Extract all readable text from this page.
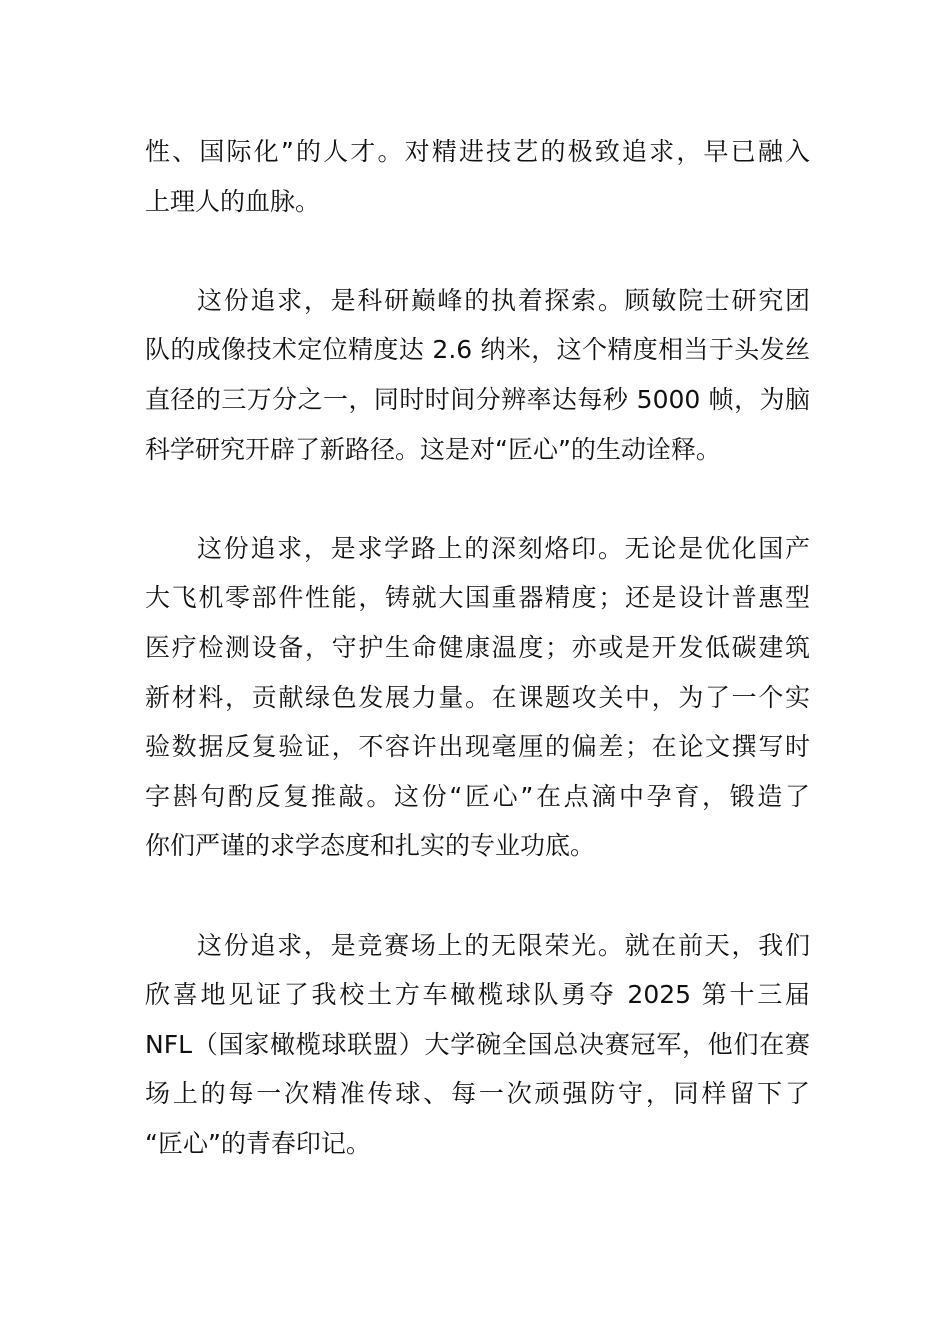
性、国际化”的人才。对精进技艺的极致追求，早已融入
上理人的血脉。
这份追求，是科研巅峰的执着探索。顾敏院士研究团
队的成像技术定位精度达 2.6 纳米，这个精度相当于头发丝
直径的三万分之一，同时时间分辨率达每秒 5000 帧，为脑
科学研究开辟了新路径。这是对“匠心”的生动诠释。
这份追求，是求学路上的深刻烙印。无论是优化国产
大飞机零部件性能，铸就大国重器精度；还是设计普惠型
医疗检测设备，守护生命健康温度；亦或是开发低碳建筑
新材料，贡献绿色发展力量。在课题攻关中，为了一个实
验数据反复验证，不容许出现毫厘的偏差；在论文撰写时
字斟句酌反复推敲。这份“匠心”在点滴中孕育，锻造了
你们严谨的求学态度和扎实的专业功底。
这份追求，是竞赛场上的无限荣光。就在前天，我们
欣喜地见证了我校土方车橄榄球队勇夺 2025 第十三届
NFL（国家橄榄球联盟）大学碗全国总决赛冠军，他们在赛
场上的每一次精准传球、每一次顽强防守，同样留下了
“匠心”的青春印记。
